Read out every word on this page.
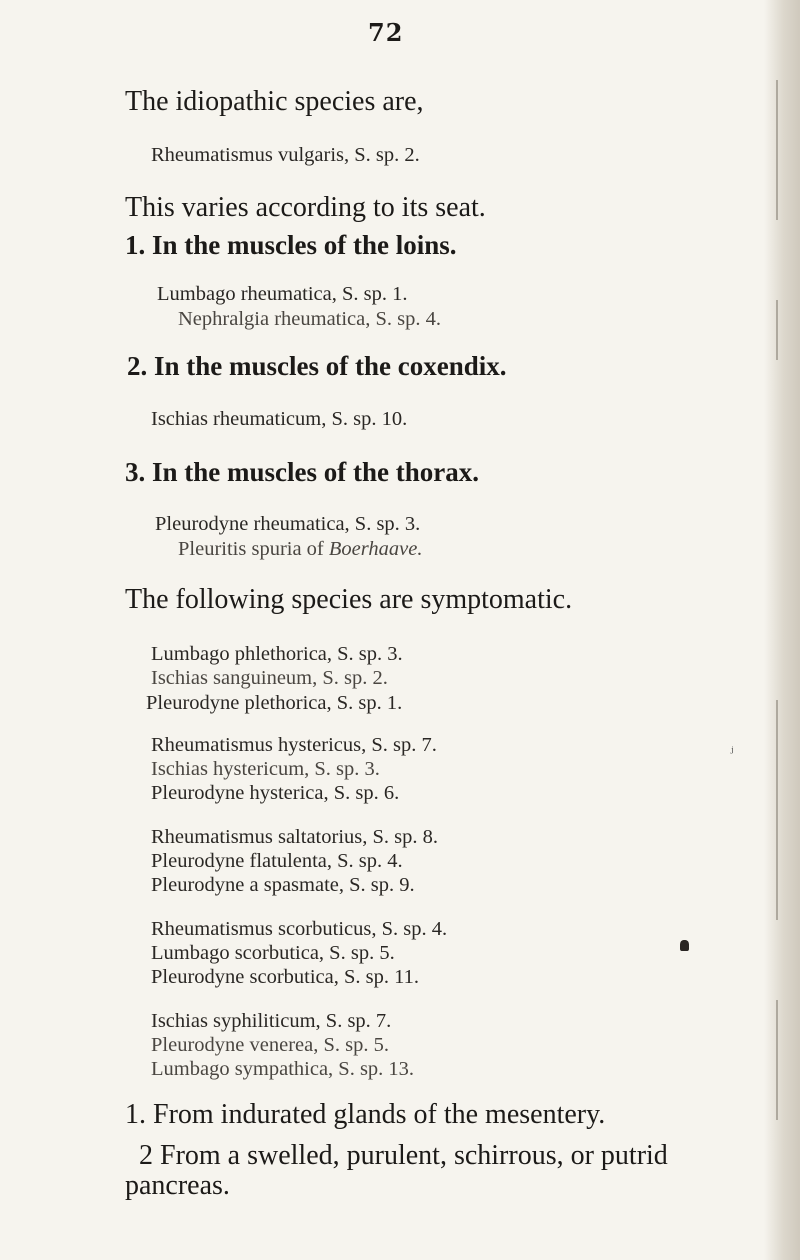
72
The idiopathic species are,
Rheumatismus vulgaris, S. sp. 2.
This varies according to its seat.
1. In the muscles of the loins.
Lumbago rheumatica, S. sp. 1.
Nephralgia rheumatica, S. sp. 4.
2. In the muscles of the coxendix.
Ischias rheumaticum, S. sp. 10.
3. In the muscles of the thorax.
Pleurodyne rheumatica, S. sp. 3.
Pleuritis spuria of Boerhaave.
The following species are symptomatic.
Lumbago phlethorica, S. sp. 3.
Ischias sanguineum, S. sp. 2.
Pleurodyne plethorica, S. sp. 1.
Rheumatismus hystericus, S. sp. 7.
Ischias hystericum, S. sp. 3.
Pleurodyne hysterica, S. sp. 6.
Rheumatismus saltatorius, S. sp. 8.
Pleurodyne flatulenta, S. sp. 4.
Pleurodyne a spasmate, S. sp. 9.
Rheumatismus scorbuticus, S. sp. 4.
Lumbago scorbutica, S. sp. 5.
Pleurodyne scorbutica, S. sp. 11.
Ischias syphiliticum, S. sp. 7.
Pleurodyne venerea, S. sp. 5.
Lumbago sympathica, S. sp. 13.
1. From indurated glands of the mesentery.
2 From a swelled, purulent, schirrous, or putrid
pancreas.
ⱼ
